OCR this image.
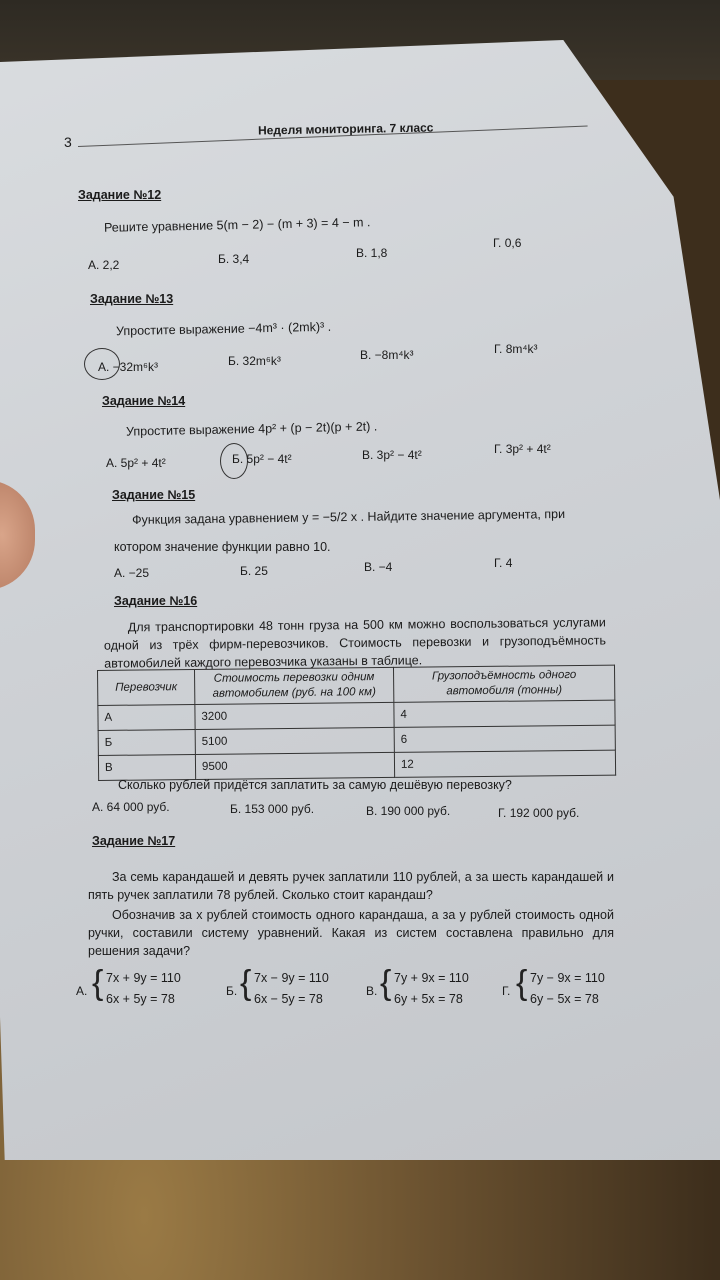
3
Неделя мониторинга. 7 класс
Задание №12
Решите уравнение 5(m − 2) − (m + 3) = 4 − m .
А. 2,2	Б. 3,4	В. 1,8
Г. 0,6
Задание №13
Упростите выражение −4m³ · (2mk)³ .
А. −32m⁶k³	Б. 32m⁶k³	В. −8m⁴k³	Г. 8m⁴k³
Задание №14
Упростите выражение 4p² + (p − 2t)(p + 2t) .
А. 5p² + 4t²	Б. 5p² − 4t²	В. 3p² − 4t²	Г. 3p² + 4t²
Задание №15
Функция задана уравнением y = −5/2 x . Найдите значение аргумента, при
котором значение функции равно 10.
А. −25	Б. 25	В. −4	Г. 4
Задание №16
Для транспортировки 48 тонн груза на 500 км можно воспользоваться услугами одной из трёх фирм-перевозчиков. Стоимость перевозки и грузоподъёмность автомобилей каждого перевозчика указаны в таблице.
Перевозчик	Стоимость перевозки одним автомобилем (руб. на 100 км)	Грузоподъёмность одного автомобиля (тонны)
А	3200	4
Б	5100	6
В	9500	12
Сколько рублей придётся заплатить за самую дешёвую перевозку?
А. 64 000 руб.	Б. 153 000 руб.	В. 190 000 руб.	Г. 192 000 руб.
Задание №17
За семь карандашей и девять ручек заплатили 110 рублей, а за шесть карандашей и пять ручек заплатили 78 рублей. Сколько стоит карандаш?
Обозначив за x рублей стоимость одного карандаша, а за y рублей стоимость одной ручки, составили систему уравнений. Какая из систем составлена правильно для решения задачи?
А. { 7x + 9y = 110
6x + 5y = 78
Б. { 7x − 9y = 110
6x − 5y = 78
В. { 7y + 9x = 110
6y + 5x = 78
Г. { 7y − 9x = 110
6y − 5x = 78
